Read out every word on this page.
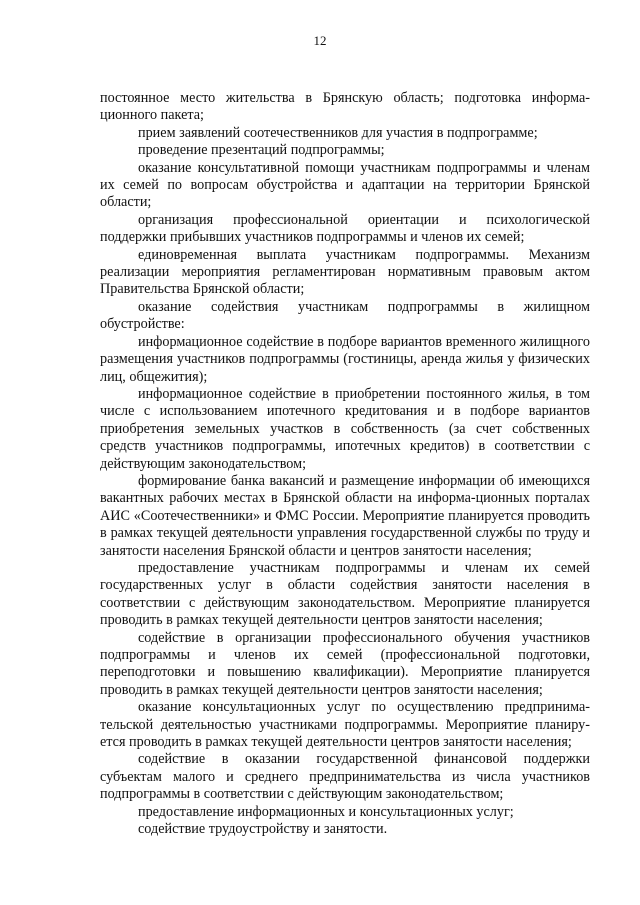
12

постоянное место жительства в Брянскую область; подготовка информа-ционного пакета;

прием заявлений соотечественников для участия в подпрограмме;

проведение презентаций подпрограммы;

оказание консультативной помощи участникам подпрограммы и членам их семей по вопросам обустройства и адаптации на территории Брянской области;

организация профессиональной ориентации и психологической поддержки прибывших участников подпрограммы и членов их семей;

единовременная выплата участникам подпрограммы. Механизм реализации мероприятия регламентирован нормативным правовым актом Правительства Брянской области;

оказание содействия участникам подпрограммы в жилищном обустройстве:

информационное содействие в подборе вариантов временного жилищного размещения участников подпрограммы (гостиницы, аренда жилья у физических лиц, общежития);

информационное содействие в приобретении постоянного жилья, в том числе с использованием ипотечного кредитования и в подборе вариантов приобретения земельных участков в собственность (за счет собственных средств участников подпрограммы, ипотечных кредитов) в соответствии с действующим законодательством;

формирование банка вакансий и размещение информации об имеющихся вакантных рабочих местах в Брянской области на информа-ционных порталах АИС «Соотечественники» и ФМС России. Мероприятие планируется проводить в рамках текущей деятельности управления государственной службы по труду и занятости населения Брянской области и центров занятости населения;

предоставление участникам подпрограммы и членам их семей государственных услуг в области содействия занятости населения в соответствии с действующим законодательством. Мероприятие планируется проводить в рамках текущей деятельности центров занятости населения;

содействие в организации профессионального обучения участников подпрограммы и членов их семей (профессиональной подготовки, переподготовки и повышению квалификации). Мероприятие планируется проводить в рамках текущей деятельности центров занятости населения;

оказание консультационных услуг по осуществлению предпринима-тельской деятельностью участниками подпрограммы. Мероприятие планиру-ется проводить в рамках текущей деятельности центров занятости населения;

содействие в оказании государственной финансовой поддержки субъектам малого и среднего предпринимательства из числа участников подпрограммы в соответствии с действующим законодательством;

предоставление информационных и консультационных услуг;

содействие трудоустройству и занятости.
